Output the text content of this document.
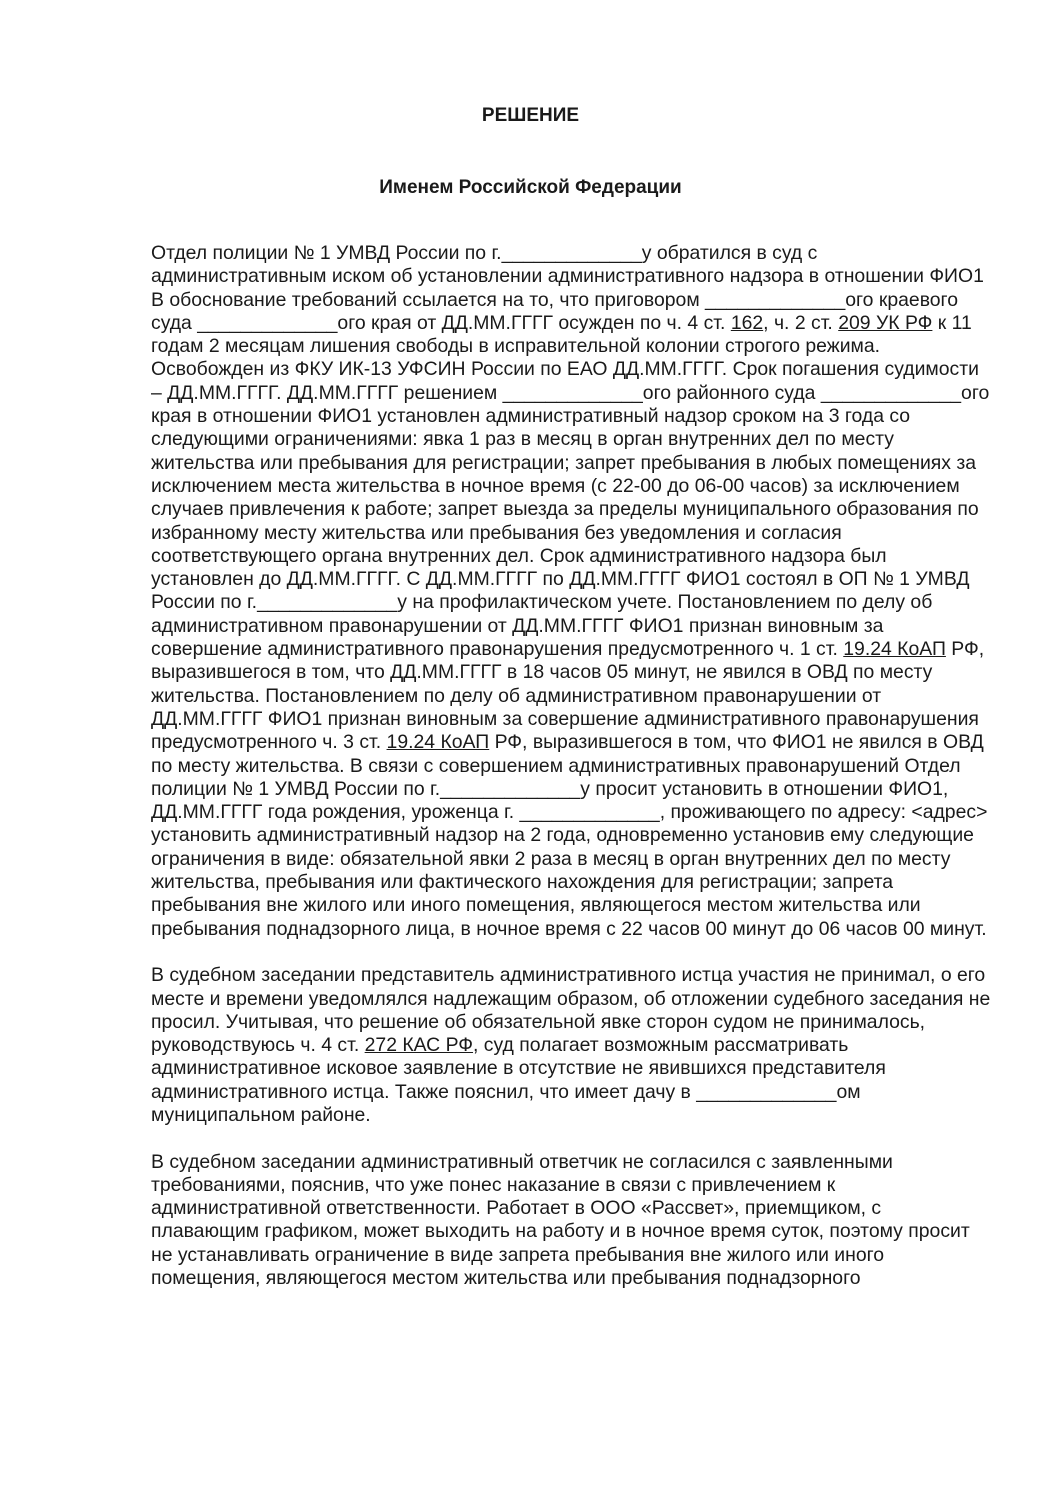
РЕШЕНИЕ
Именем Российской Федерации

Отдел полиции № 1 УМВД России по г._____________у обратился в суд с административным иском об установлении административного надзора в отношении ФИО1 В обоснование требований ссылается на то, что приговором _____________ого краевого суда _____________ого края от ДД.ММ.ГГГГ осужден по ч. 4 ст. 162, ч. 2 ст. 209 УК РФ к 11 годам 2 месяцам лишения свободы в исправительной колонии строгого режима. Освобожден из ФКУ ИК-13 УФСИН России по ЕАО ДД.ММ.ГГГГ. Срок погашения судимости – ДД.ММ.ГГГГ. ДД.ММ.ГГГГ решением _____________ого районного суда _____________ого края в отношении ФИО1 установлен административный надзор сроком на 3 года со следующими ограничениями: явка 1 раз в месяц в орган внутренних дел по месту жительства или пребывания для регистрации; запрет пребывания в любых помещениях за исключением места жительства в ночное время (с 22-00 до 06-00 часов) за исключением случаев привлечения к работе; запрет выезда за пределы муниципального образования по избранному месту жительства или пребывания без уведомления и согласия соответствующего органа внутренних дел. Срок административного надзора был установлен до ДД.ММ.ГГГГ. С ДД.ММ.ГГГГ по ДД.ММ.ГГГГ ФИО1 состоял в ОП № 1 УМВД России по г._____________у на профилактическом учете. Постановлением по делу об административном правонарушении от ДД.ММ.ГГГГ ФИО1 признан виновным за совершение административного правонарушения предусмотренного ч. 1 ст. 19.24 КоАП РФ, выразившегося в том, что ДД.ММ.ГГГГ в 18 часов 05 минут, не явился в ОВД по месту жительства. Постановлением по делу об административном правонарушении от ДД.ММ.ГГГГ ФИО1 признан виновным за совершение административного правонарушения предусмотренного ч. 3 ст. 19.24 КоАП РФ, выразившегося в том, что ФИО1 не явился в ОВД по месту жительства. В связи с совершением административных правонарушений Отдел полиции № 1 УМВД России по г._____________у просит установить в отношении ФИО1, ДД.ММ.ГГГГ года рождения, уроженца г. _____________, проживающего по адресу: <адрес> установить административный надзор на 2 года, одновременно установив ему следующие ограничения в виде: обязательной явки 2 раза в месяц в орган внутренних дел по месту жительства, пребывания или фактического нахождения для регистрации; запрета пребывания вне жилого или иного помещения, являющегося местом жительства или пребывания поднадзорного лица, в ночное время с 22 часов 00 минут до 06 часов 00 минут.

В судебном заседании представитель административного истца участия не принимал, о его месте и времени уведомлялся надлежащим образом, об отложении судебного заседания не просил. Учитывая, что решение об обязательной явке сторон судом не принималось, руководствуюсь ч. 4 ст. 272 КАС РФ, суд полагает возможным рассматривать административное исковое заявление в отсутствие не явившихся представителя административного истца. Также пояснил, что имеет дачу в _____________ом муниципальном районе.

В судебном заседании административный ответчик не согласился с заявленными требованиями, пояснив, что уже понес наказание в связи с привлечением к административной ответственности. Работает в ООО «Рассвет», приемщиком, с плавающим графиком, может выходить на работу и в ночное время суток, поэтому просит не устанавливать ограничение в виде запрета пребывания вне жилого или иного помещения, являющегося местом жительства или пребывания поднадзорного
